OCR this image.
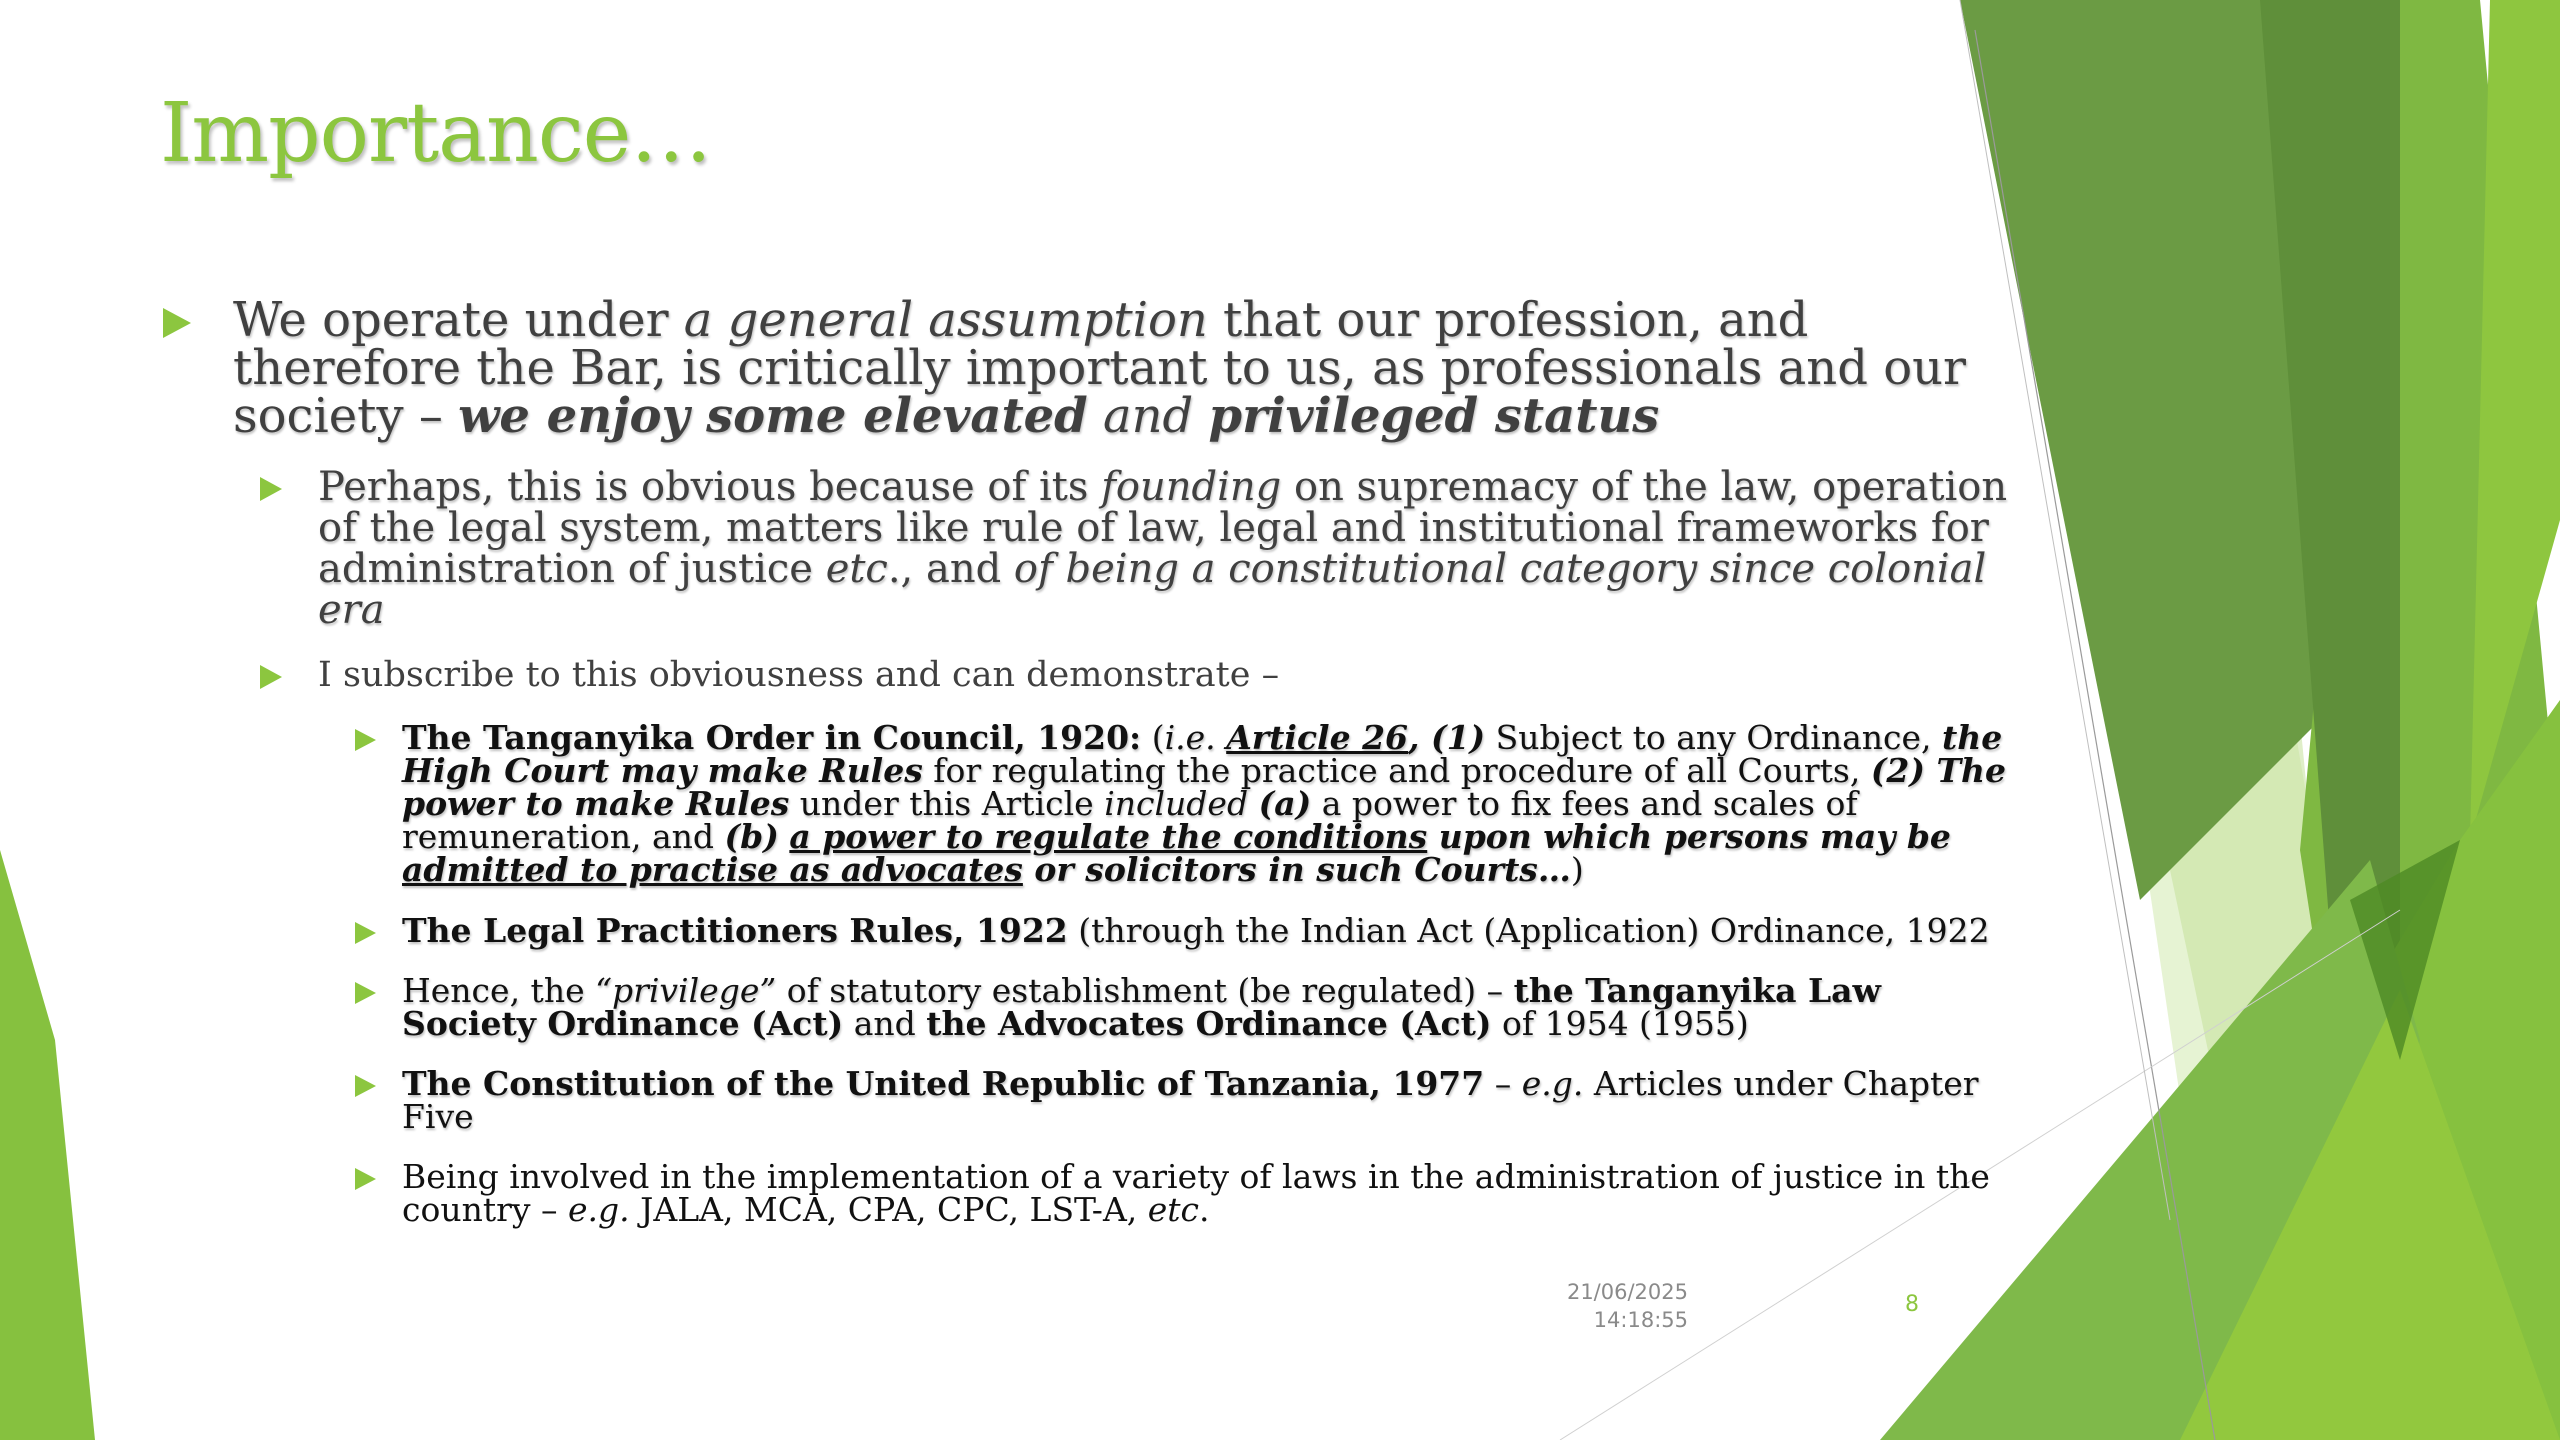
Importance…

We operate under a general assumption that our profession, and therefore the Bar, is critically important to us, as professionals and our society – we enjoy some elevated and privileged status

Perhaps, this is obvious because of its founding on supremacy of the law, operation of the legal system, matters like rule of law, legal and institutional frameworks for administration of justice etc., and of being a constitutional category since colonial era

I subscribe to this obviousness and can demonstrate –

The Tanganyika Order in Council, 1920: (i.e. Article 26, (1) Subject to any Ordinance, the High Court may make Rules for regulating the practice and procedure of all Courts, (2) The power to make Rules under this Article included (a) a power to fix fees and scales of remuneration, and (b) a power to regulate the conditions upon which persons may be admitted to practise as advocates or solicitors in such Courts…)

The Legal Practitioners Rules, 1922 (through the Indian Act (Application) Ordinance, 1922

Hence, the “privilege” of statutory establishment (be regulated) – the Tanganyika Law Society Ordinance (Act) and the Advocates Ordinance (Act) of 1954 (1955)

The Constitution of the United Republic of Tanzania, 1977 – e.g. Articles under Chapter Five

Being involved in the implementation of a variety of laws in the administration of justice in the country – e.g. JALA, MCA, CPA, CPC, LST-A, etc.

21/06/2025
14:18:55
8
